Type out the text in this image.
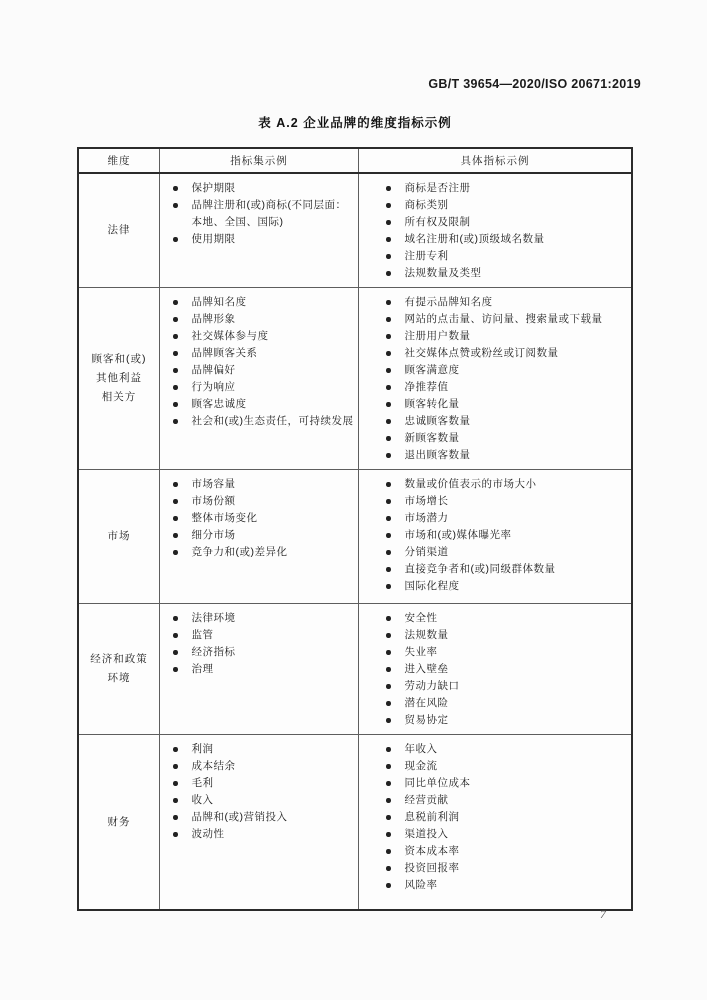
GB/T 39654—2020/ISO 20671:2019
表 A.2 企业品牌的维度指标示例
维度	指标集示例	具体指标示例
法律
保护期限
品牌注册和(或)商标(不同层面：本地、全国、国际)
使用期限
商标是否注册
商标类别
所有权及限制
域名注册和(或)顶级域名数量
注册专利
法规数量及类型
顾客和(或)
其他利益
相关方
品牌知名度
品牌形象
社交媒体参与度
品牌顾客关系
品牌偏好
行为响应
顾客忠诚度
社会和(或)生态责任，可持续发展
有提示品牌知名度
网站的点击量、访问量、搜索量或下载量
注册用户数量
社交媒体点赞或粉丝或订阅数量
顾客满意度
净推荐值
顾客转化量
忠诚顾客数量
新顾客数量
退出顾客数量
市场
市场容量
市场份额
整体市场变化
细分市场
竞争力和(或)差异化
数量或价值表示的市场大小
市场增长
市场潜力
市场和(或)媒体曝光率
分销渠道
直接竞争者和(或)同级群体数量
国际化程度
经济和政策
环境
法律环境
监管
经济指标
治理
安全性
法规数量
失业率
进入壁垒
劳动力缺口
潜在风险
贸易协定
财务
利润
成本结余
毛利
收入
品牌和(或)营销投入
波动性
年收入
现金流
同比单位成本
经营贡献
息税前利润
渠道投入
资本成本率
投资回报率
风险率
7
